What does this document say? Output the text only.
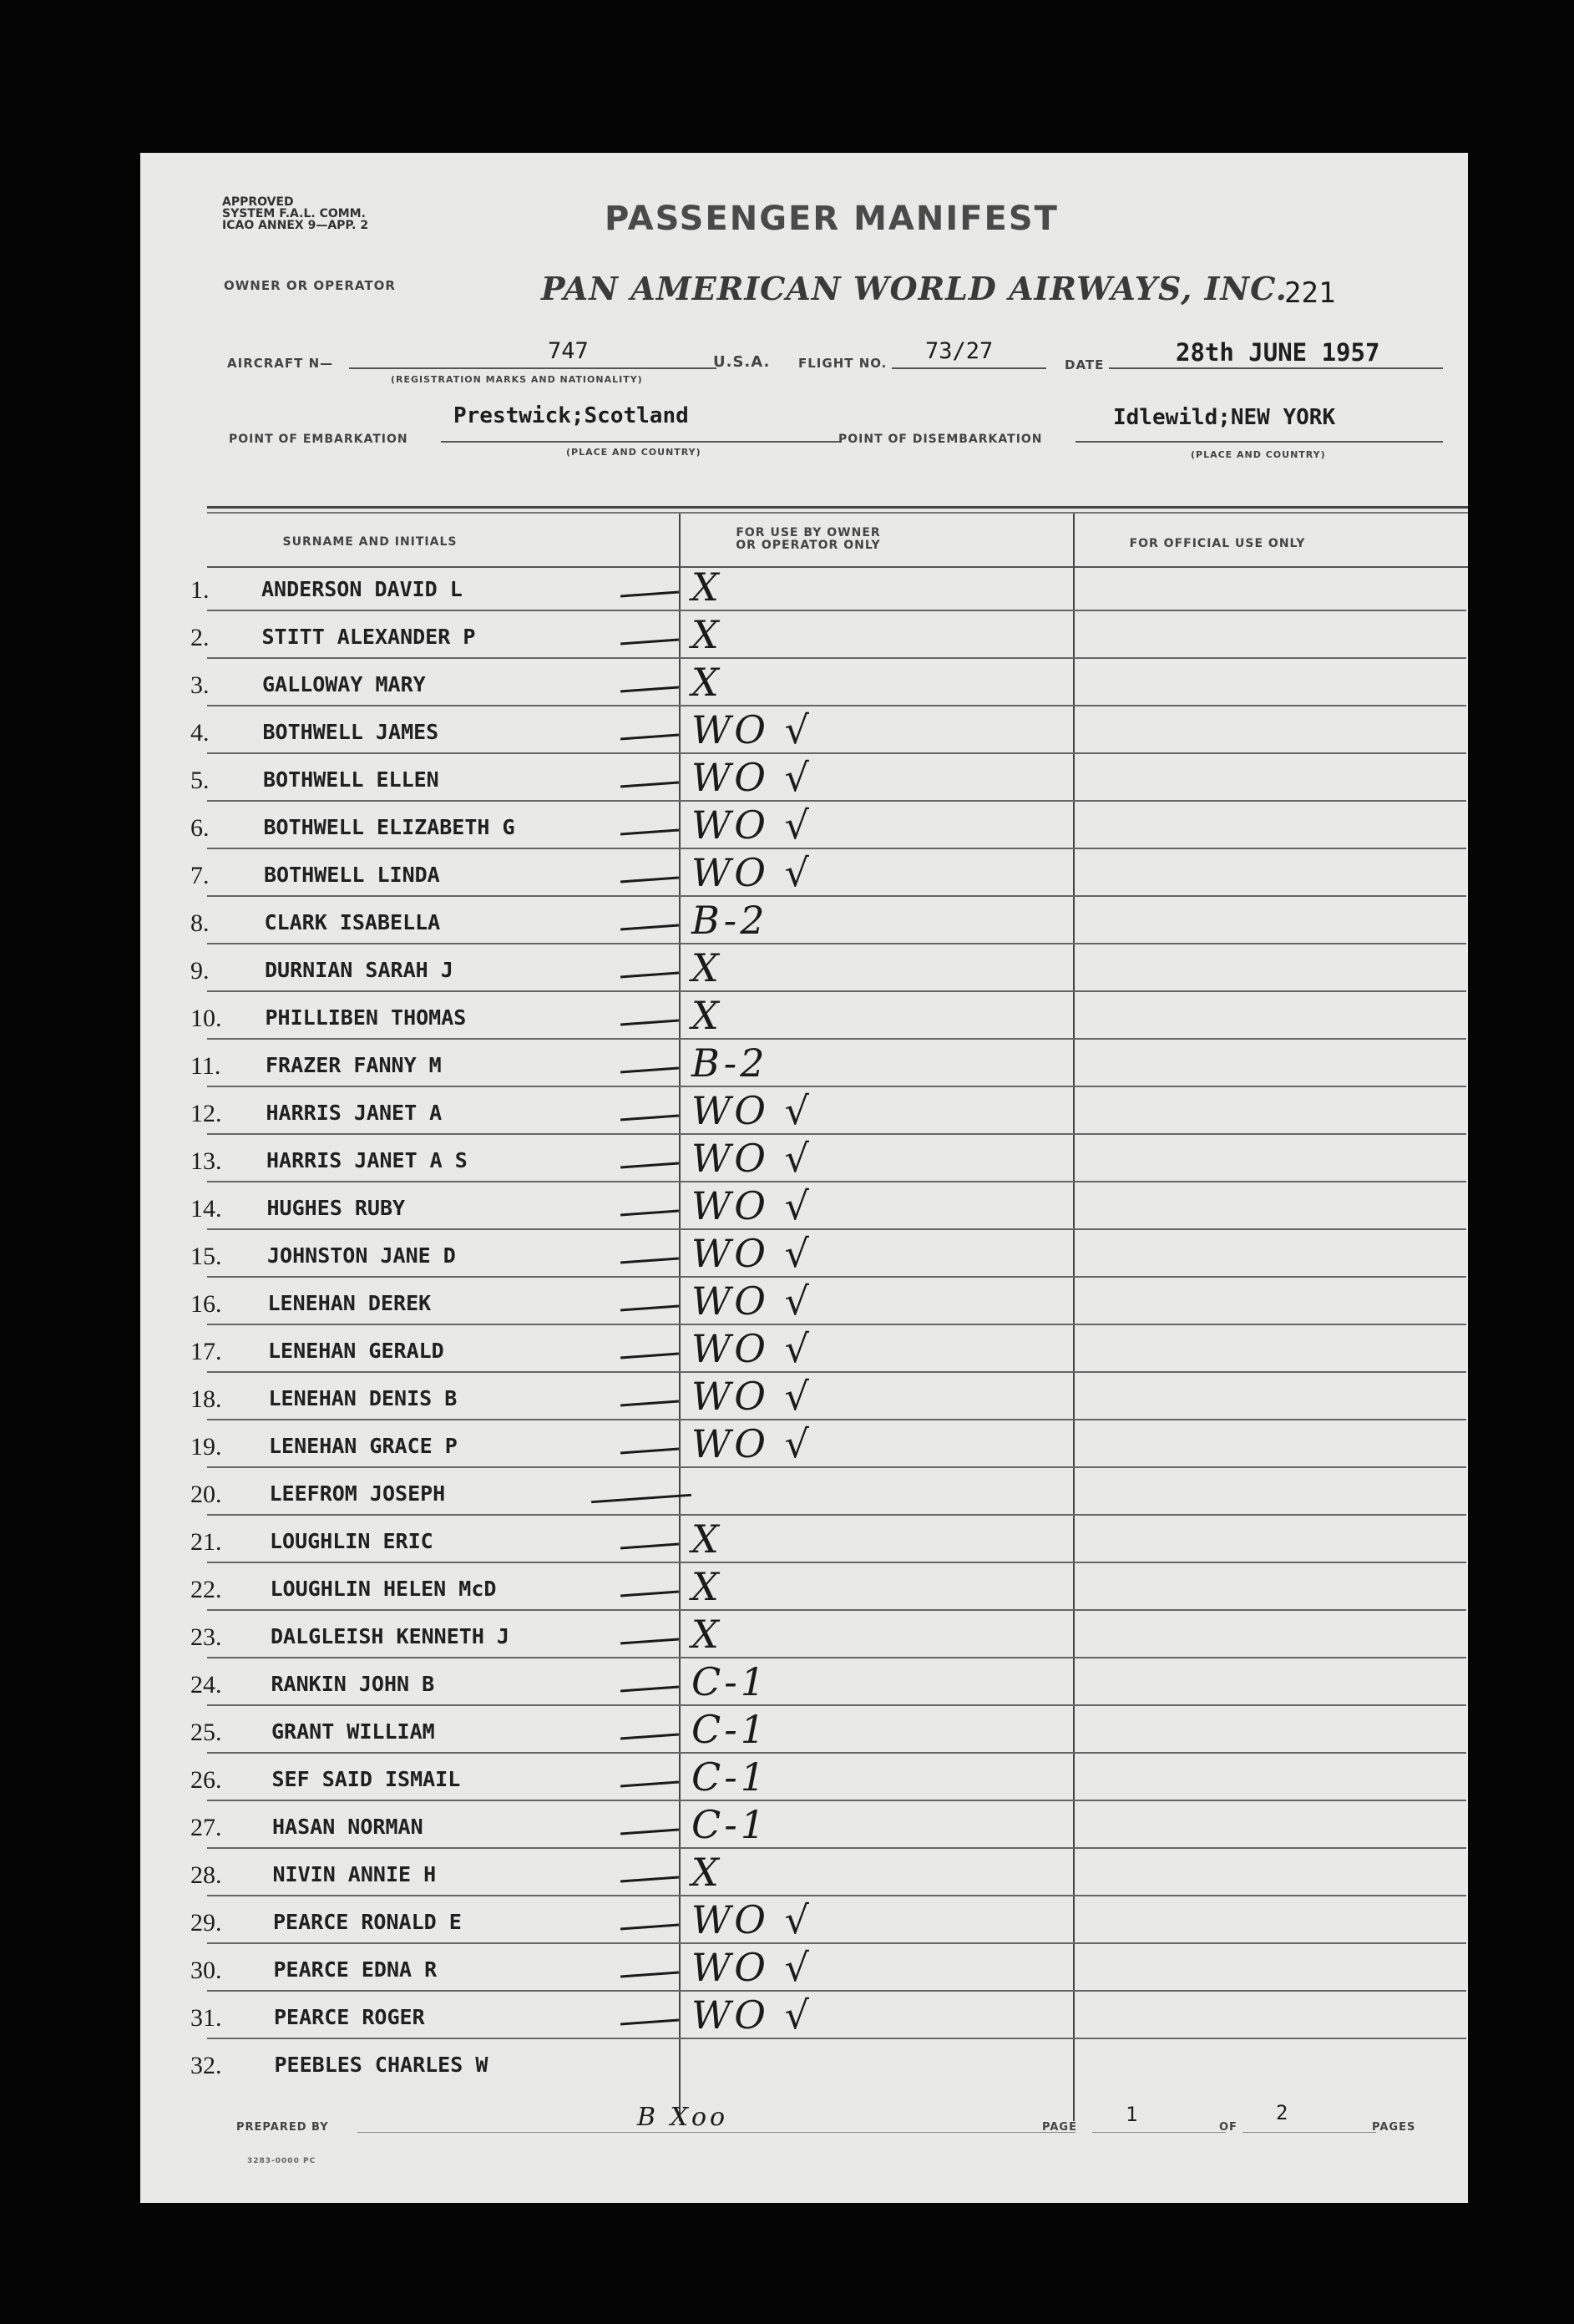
APPROVED
SYSTEM F.A.L. COMM.
ICAO ANNEX 9—APP. 2	PASSENGER MANIFEST
OWNER OR OPERATOR	PAN AMERICAN WORLD AIRWAYS, INC.
221
AIRCRAFT N—	747
(REGISTRATION MARKS AND NATIONALITY)
U.S.A. FLIGHT NO. 73/27
DATE	28th JUNE 1957
Prestwick;Scotland
POINT OF EMBARKATION
(PLACE AND COUNTRY)
POINT OF DISEMBARKATION
Idlewild;NEW YORK
(PLACE AND COUNTRY)
SURNAME AND INITIALS
FOR USE BY OWNER OR OPERATOR ONLY	FOR OFFICIAL USE ONLY
1.	ANDERSON DAVID L	X
2.	STITT ALEXANDER P	X
3.	GALLOWAY MARY	X
4.	BOTHWELL JAMES	WO √
5.	BOTHWELL ELLEN	WO √
6.	BOTHWELL ELIZABETH G	WO √
7.	BOTHWELL LINDA	WO √
8.	CLARK ISABELLA	B-2
9.	DURNIAN SARAH J	X
10.	PHILLIBEN THOMAS	X
11.	FRAZER FANNY M	B-2
12.	HARRIS JANET A	WO √
13.	HARRIS JANET A S	WO √
14.	HUGHES RUBY	WO √
15.	JOHNSTON JANE D	WO √
16.	LENEHAN DEREK	WO √
17.	LENEHAN GERALD	WO √
18.	LENEHAN DENIS B	WO √
19.	LENEHAN GRACE P	WO √
20.	LEEFROM JOSEPH
21.	LOUGHLIN ERIC	X
22.	LOUGHLIN HELEN McD	X
23.	DALGLEISH KENNETH J	X
24.	RANKIN JOHN B	C-1
25.	GRANT WILLIAM	C-1
26.	SEF SAID ISMAIL	C-1
27.	HASAN NORMAN	C-1
28.	NIVIN ANNIE H	X
29.	PEARCE RONALD E	WO √
30.	PEARCE EDNA R	WO √
31.	PEARCE ROGER	WO √
32.	PEEBLES CHARLES W
PREPARED BY	B Xoo	PAGE
1
OF
2
PAGES
3283-0000 PC
